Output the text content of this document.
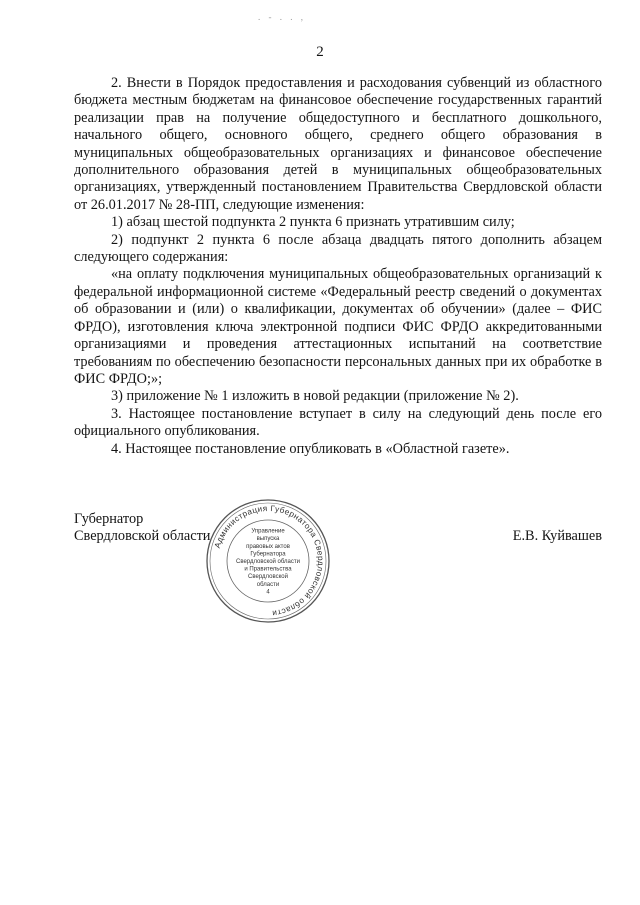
. - . . ,
2

2. Внести в Порядок предоставления и расходования субвенций из областного бюджета местным бюджетам на финансовое обеспечение государственных гарантий реализации прав на получение общедоступного и бесплатного дошкольного, начального общего, основного общего, среднего общего образования в муниципальных общеобразовательных организациях и финансовое обеспечение дополнительного образования детей в муниципальных общеобразовательных организациях, утвержденный постановлением Правительства Свердловской области от 26.01.2017 № 28-ПП, следующие изменения:

1) абзац шестой подпункта 2 пункта 6 признать утратившим силу;

2) подпункт 2 пункта 6 после абзаца двадцать пятого дополнить абзацем следующего содержания:

«на оплату подключения муниципальных общеобразовательных организаций к федеральной информационной системе «Федеральный реестр сведений о документах об образовании и (или) о квалификации, документах об обучении» (далее – ФИС ФРДО), изготовления ключа электронной подписи ФИС ФРДО аккредитованными организациями и проведения аттестационных испытаний на соответствие требованиям по обеспечению безопасности персональных данных при их обработке в ФИС ФРДО;»;

3) приложение № 1 изложить в новой редакции (приложение № 2).

3. Настоящее постановление вступает в силу на следующий день после его официального опубликования.

4. Настоящее постановление опубликовать в «Областной газете».

Губернатор
Свердловской области
Администрация Губернатора Свердловской области
Управление
выпуска
правовых актов
Губернатора
Свердловской области
и Правительства
Свердловской
области
4
Е.В. Куйвашев
